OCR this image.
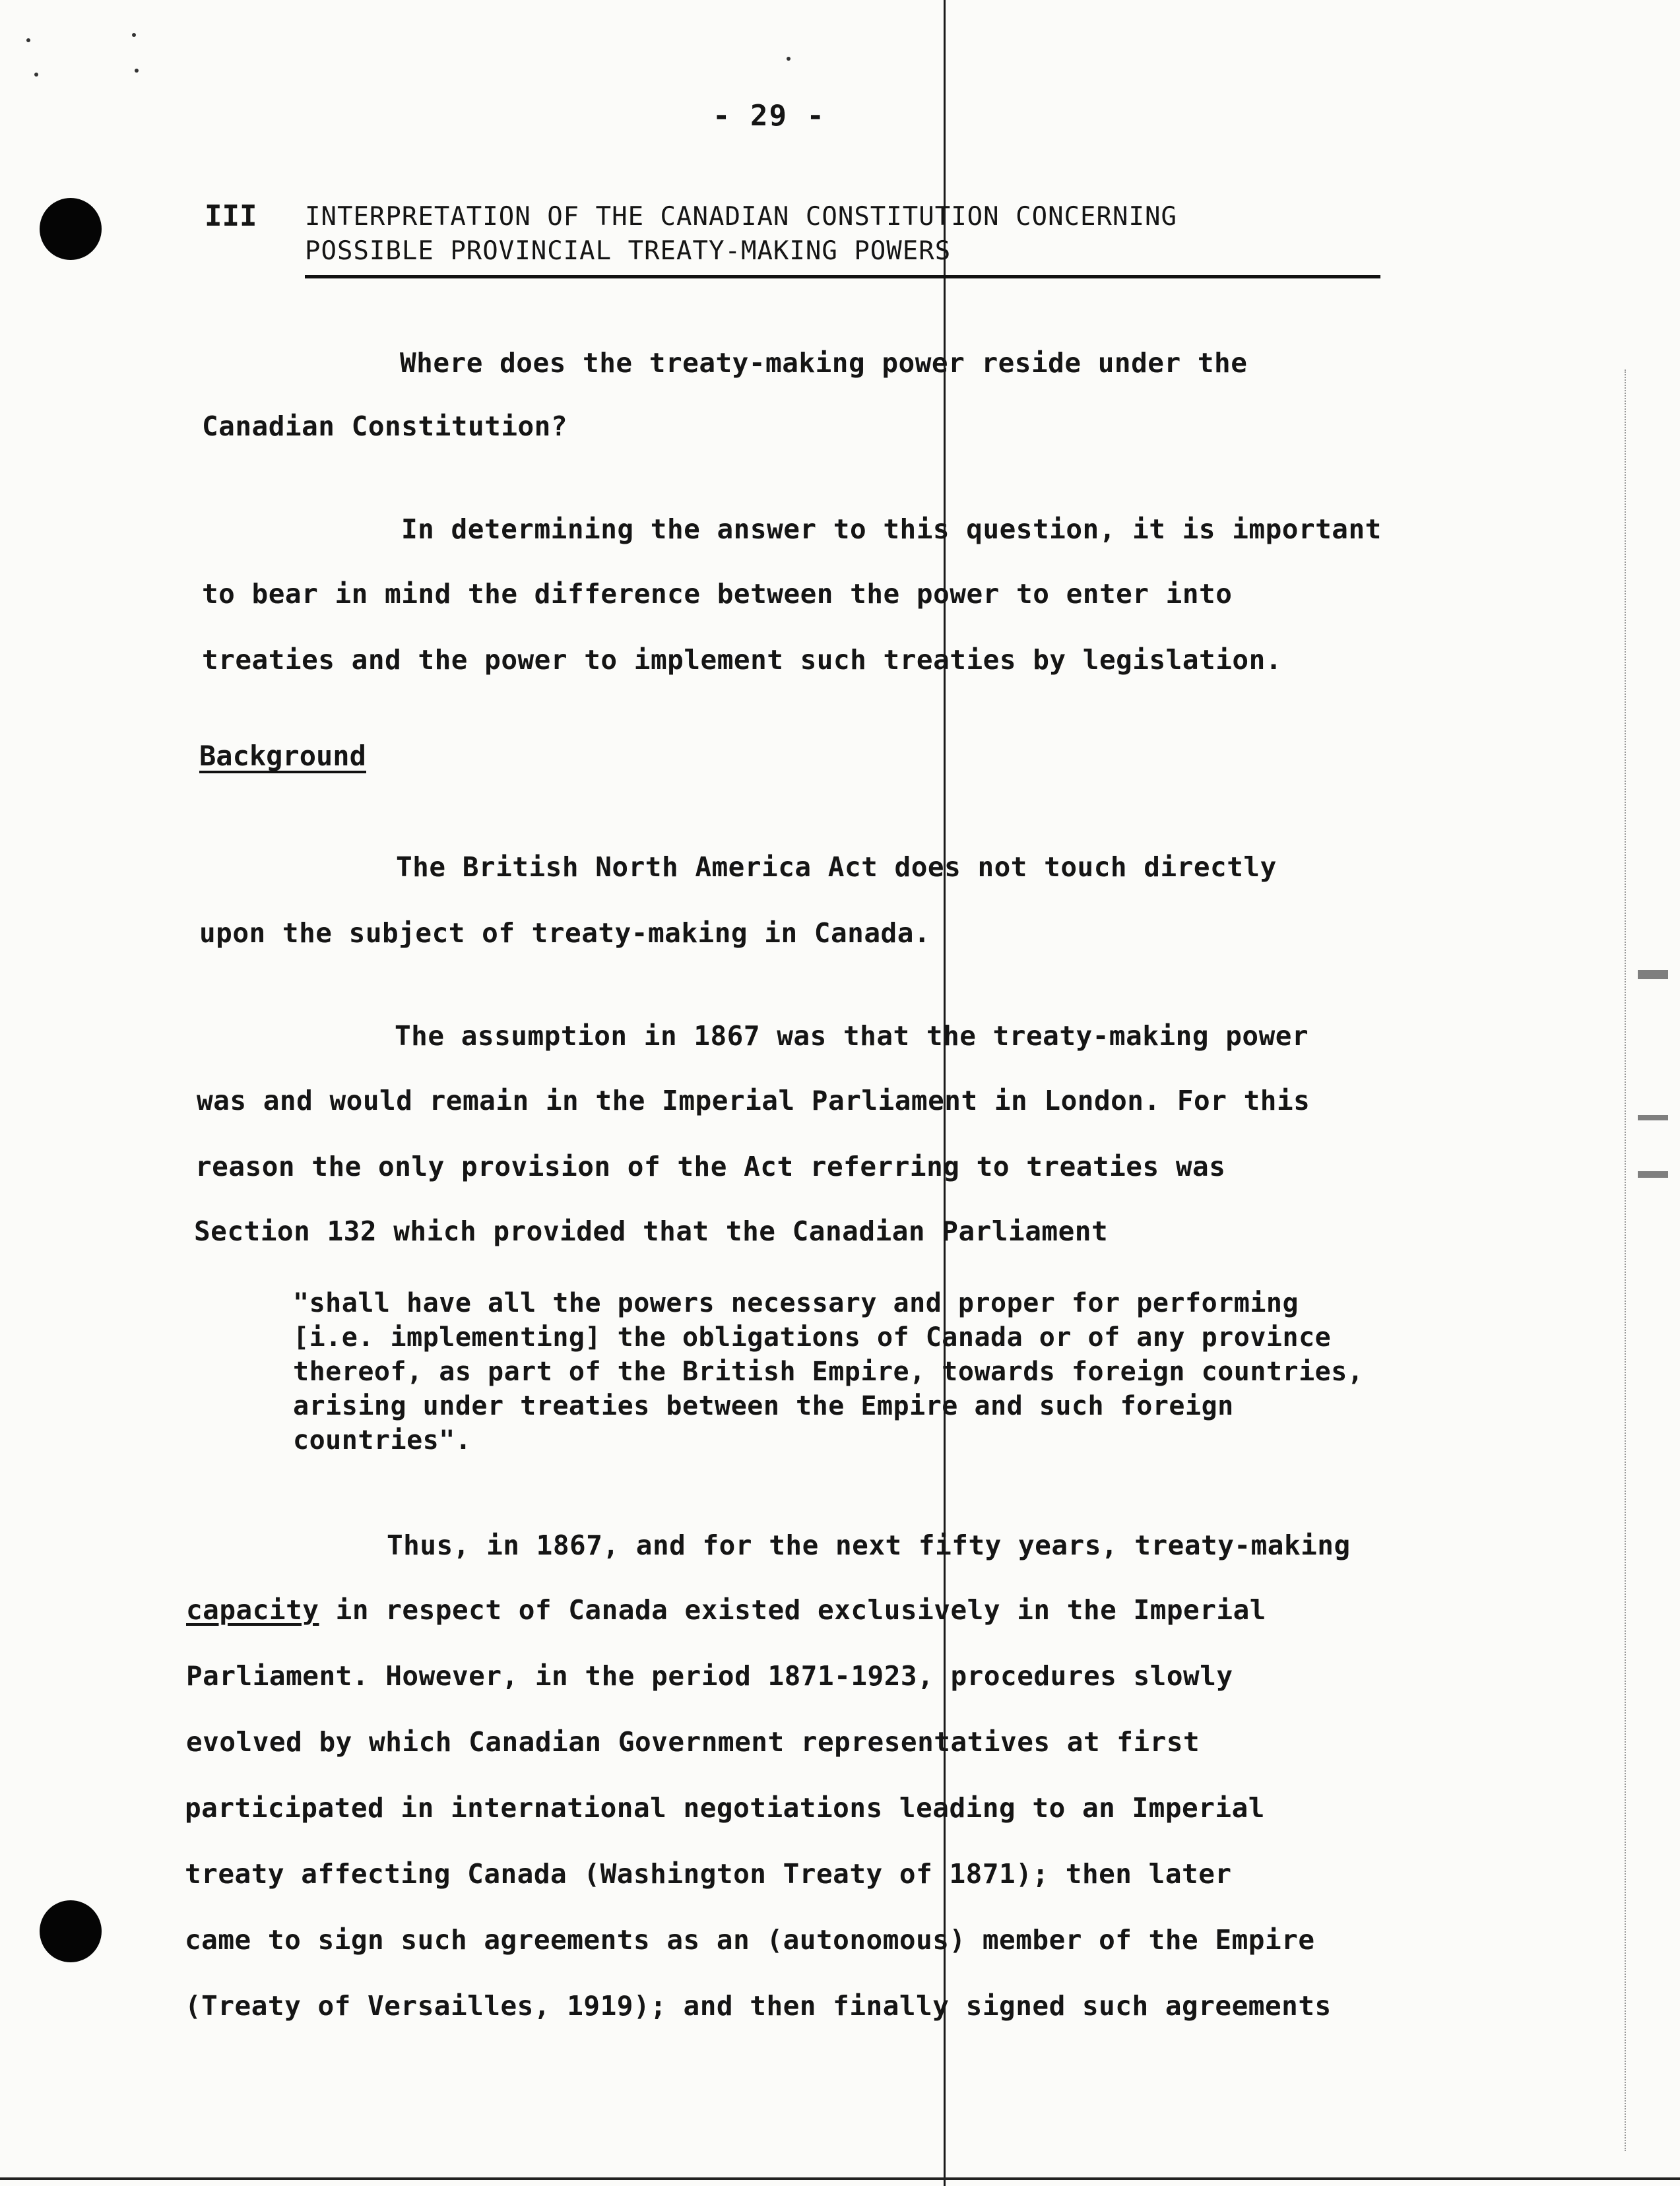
- 29 -
III INTERPRETATION OF THE CANADIAN CONSTITUTION CONCERNING
POSSIBLE PROVINCIAL TREATY-MAKING POWERS
Where does the treaty-making power reside under the
Canadian Constitution?
In determining the answer to this question, it is important
to bear in mind the difference between the power to enter into
treaties and the power to implement such treaties by legislation.
Background
The British North America Act does not touch directly
upon the subject of treaty-making in Canada.
The assumption in 1867 was that the treaty-making power
was and would remain in the Imperial Parliament in London. For this
reason the only provision of the Act referring to treaties was
Section 132 which provided that the Canadian Parliament
"shall have all the powers necessary and proper for performing
[i.e. implementing] the obligations of Canada or of any province
thereof, as part of the British Empire, towards foreign countries,
arising under treaties between the Empire and such foreign
countries".
Thus, in 1867, and for the next fifty years, treaty-making
capacity in respect of Canada existed exclusively in the Imperial
Parliament. However, in the period 1871-1923, procedures slowly
evolved by which Canadian Government representatives at first
participated in international negotiations leading to an Imperial
treaty affecting Canada (Washington Treaty of 1871); then later
came to sign such agreements as an (autonomous) member of the Empire
(Treaty of Versailles, 1919); and then finally signed such agreements
